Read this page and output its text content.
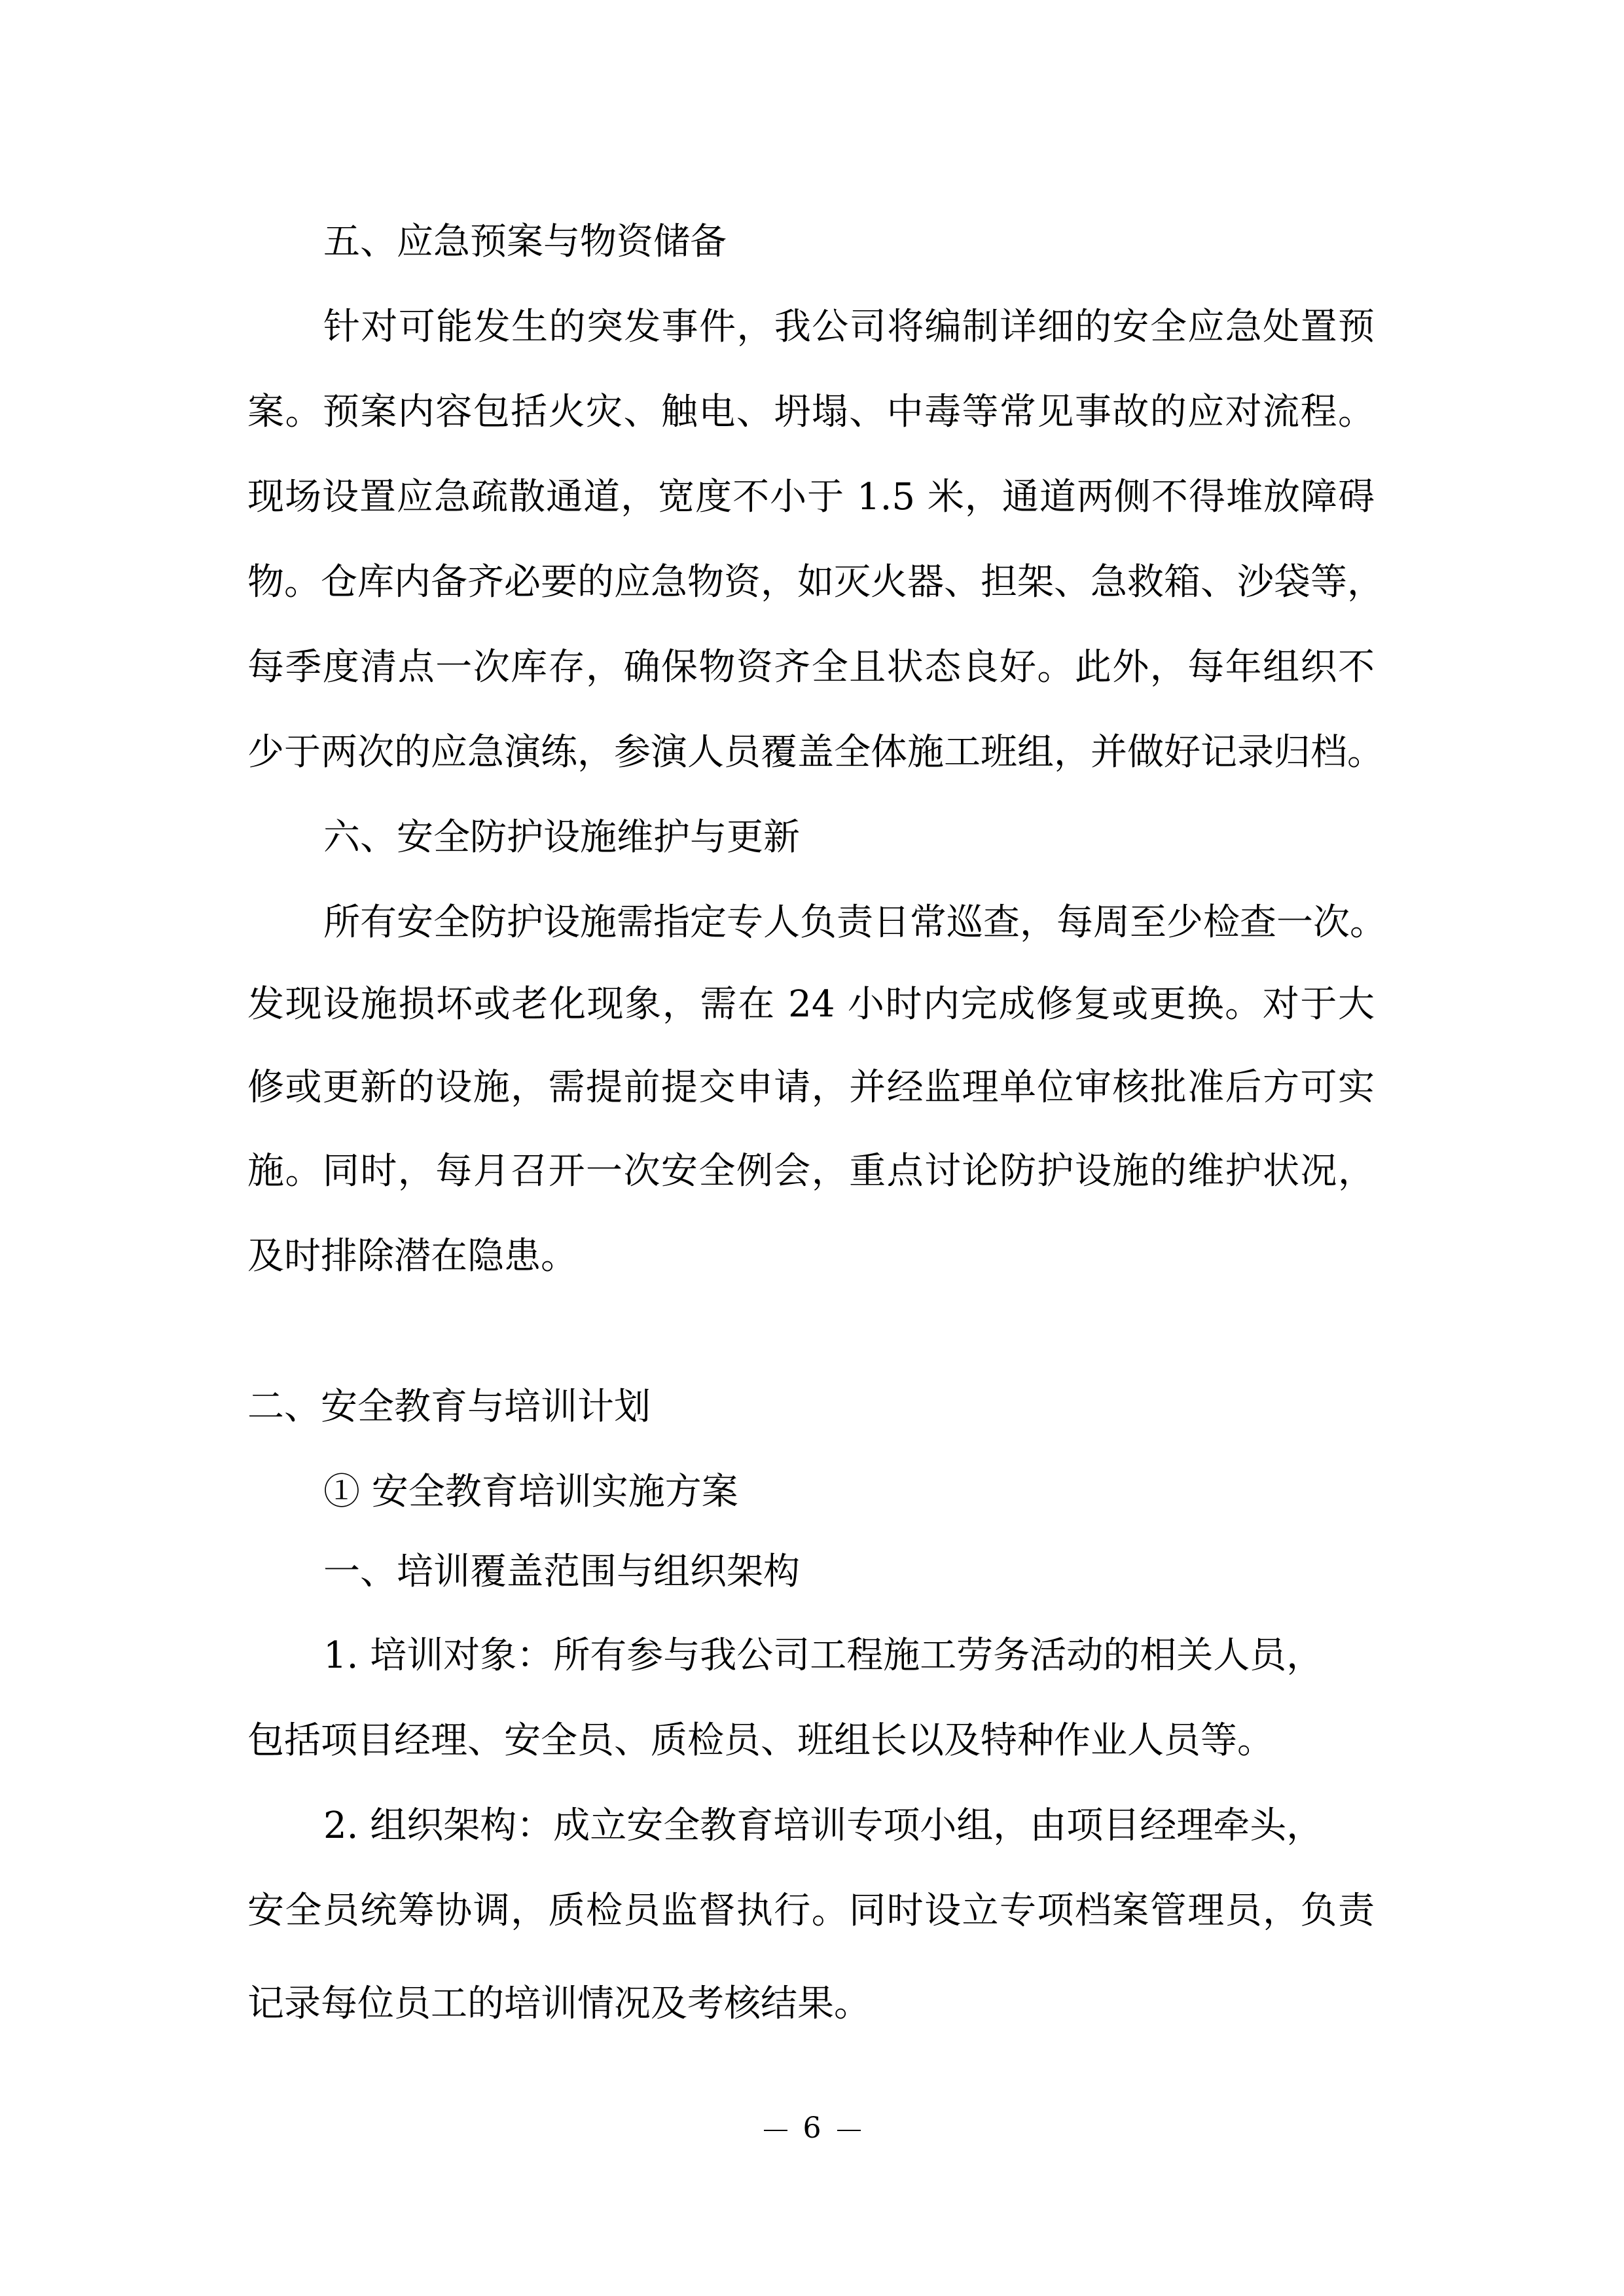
五、应急预案与物资储备
针对可能发生的突发事件，我公司将编制详细的安全应急处置预
案。预案内容包括火灾、触电、坍塌、中毒等常见事故的应对流程。
现场设置应急疏散通道，宽度不小于 1.5 米，通道两侧不得堆放障碍
物。仓库内备齐必要的应急物资，如灭火器、担架、急救箱、沙袋等，
每季度清点一次库存，确保物资齐全且状态良好。此外，每年组织不
少于两次的应急演练，参演人员覆盖全体施工班组，并做好记录归档。
六、安全防护设施维护与更新
所有安全防护设施需指定专人负责日常巡查，每周至少检查一次。
发现设施损坏或老化现象，需在 24 小时内完成修复或更换。对于大
修或更新的设施，需提前提交申请，并经监理单位审核批准后方可实
施。同时，每月召开一次安全例会，重点讨论防护设施的维护状况，
及时排除潜在隐患。
二、安全教育与培训计划
① 安全教育培训实施方案
一、培训覆盖范围与组织架构
1. 培训对象：所有参与我公司工程施工劳务活动的相关人员，
包括项目经理、安全员、质检员、班组长以及特种作业人员等。
2. 组织架构：成立安全教育培训专项小组，由项目经理牵头，
安全员统筹协调，质检员监督执行。同时设立专项档案管理员，负责
记录每位员工的培训情况及考核结果。
6
